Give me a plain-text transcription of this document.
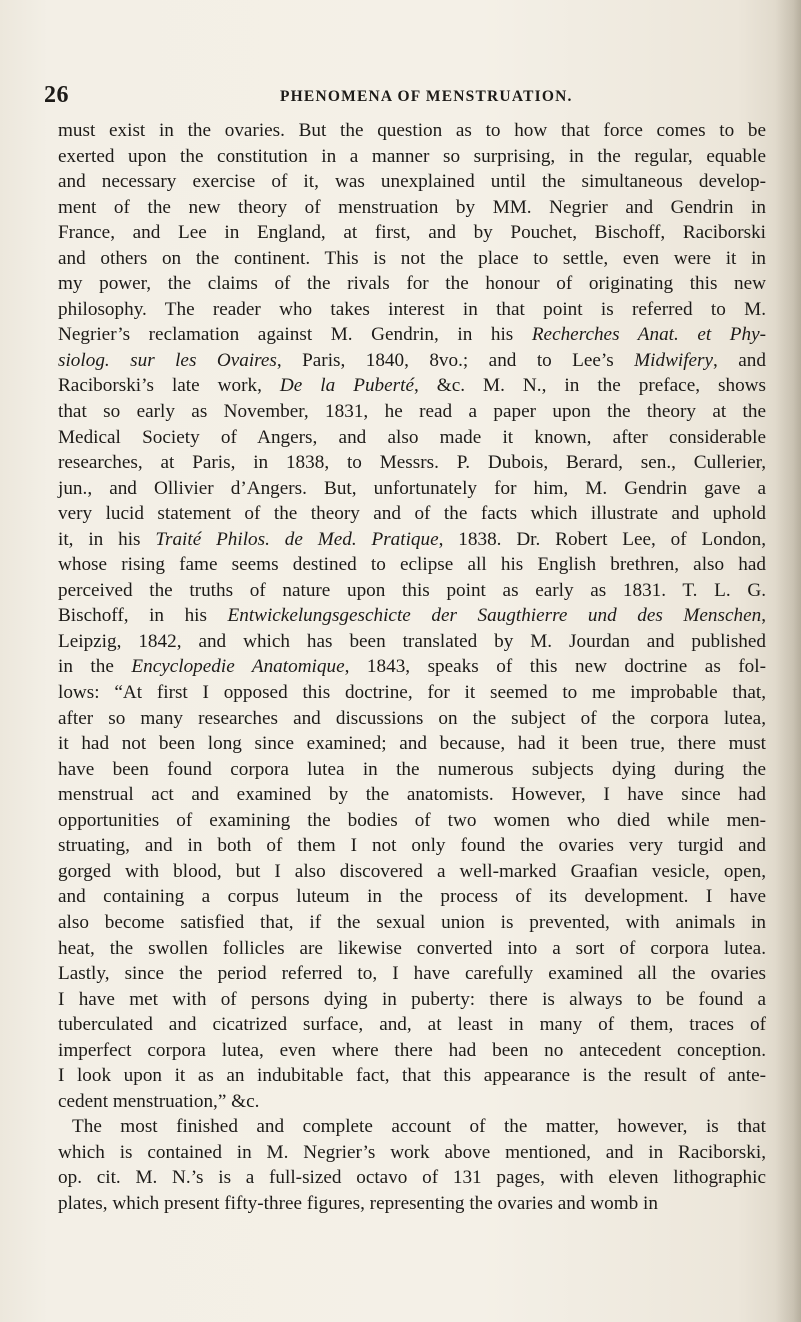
26	PHENOMENA OF MENSTRUATION.
must exist in the ovaries. But the question as to how that force comes to be
exerted upon the constitution in a manner so surprising, in the regular, equable
and necessary exercise of it, was unexplained until the simultaneous develop-
ment of the new theory of menstruation by MM. Negrier and Gendrin in
France, and Lee in England, at first, and by Pouchet, Bischoff, Raciborski
and others on the continent. This is not the place to settle, even were it in
my power, the claims of the rivals for the honour of originating this new
philosophy. The reader who takes interest in that point is referred to M.
Negrier’s reclamation against M. Gendrin, in his Recherches Anat. et Phy-
siolog. sur les Ovaires, Paris, 1840, 8vo.; and to Lee’s Midwifery, and
Raciborski’s late work, De la Puberté, &c. M. N., in the preface, shows
that so early as November, 1831, he read a paper upon the theory at the
Medical Society of Angers, and also made it known, after considerable
researches, at Paris, in 1838, to Messrs. P. Dubois, Berard, sen., Cullerier,
jun., and Ollivier d’Angers. But, unfortunately for him, M. Gendrin gave a
very lucid statement of the theory and of the facts which illustrate and uphold
it, in his Traité Philos. de Med. Pratique, 1838. Dr. Robert Lee, of London,
whose rising fame seems destined to eclipse all his English brethren, also had
perceived the truths of nature upon this point as early as 1831. T. L. G.
Bischoff, in his Entwickelungsgeschicte der Saugthierre und des Menschen,
Leipzig, 1842, and which has been translated by M. Jourdan and published
in the Encyclopedie Anatomique, 1843, speaks of this new doctrine as fol-
lows: “At first I opposed this doctrine, for it seemed to me improbable that,
after so many researches and discussions on the subject of the corpora lutea,
it had not been long since examined; and because, had it been true, there must
have been found corpora lutea in the numerous subjects dying during the
menstrual act and examined by the anatomists. However, I have since had
opportunities of examining the bodies of two women who died while men-
struating, and in both of them I not only found the ovaries very turgid and
gorged with blood, but I also discovered a well-marked Graafian vesicle, open,
and containing a corpus luteum in the process of its development. I have
also become satisfied that, if the sexual union is prevented, with animals in
heat, the swollen follicles are likewise converted into a sort of corpora lutea.
Lastly, since the period referred to, I have carefully examined all the ovaries
I have met with of persons dying in puberty: there is always to be found a
tuberculated and cicatrized surface, and, at least in many of them, traces of
imperfect corpora lutea, even where there had been no antecedent conception.
I look upon it as an indubitable fact, that this appearance is the result of ante-
cedent menstruation,” &c.
The most finished and complete account of the matter, however, is that
which is contained in M. Negrier’s work above mentioned, and in Raciborski,
op. cit. M. N.’s is a full-sized octavo of 131 pages, with eleven lithographic
plates, which present fifty-three figures, representing the ovaries and womb in
